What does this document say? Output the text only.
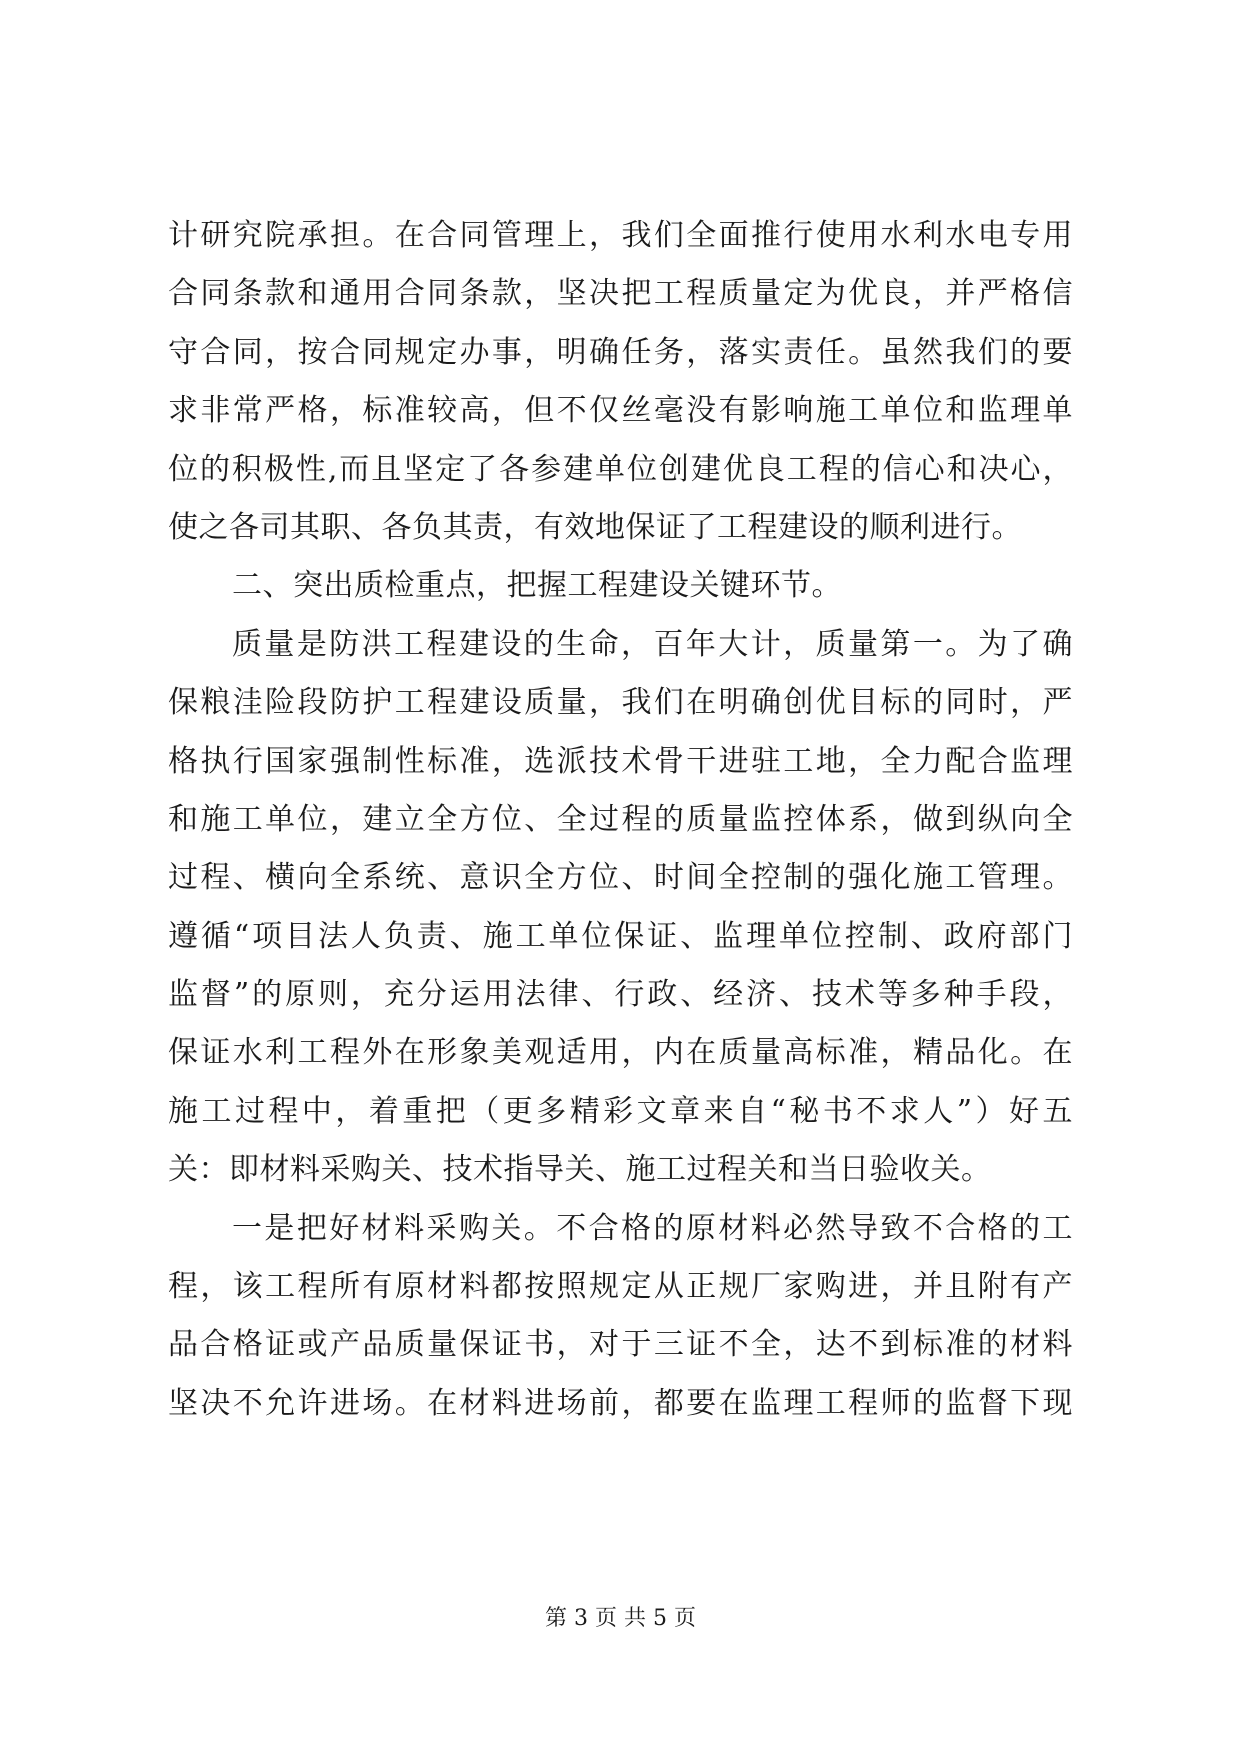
计研究院承担。在合同管理上，我们全面推行使用水利水电专用
合同条款和通用合同条款，坚决把工程质量定为优良，并严格信
守合同，按合同规定办事，明确任务，落实责任。虽然我们的要
求非常严格，标准较高，但不仅丝毫没有影响施工单位和监理单
位的积极性,而且坚定了各参建单位创建优良工程的信心和决心，
使之各司其职、各负其责，有效地保证了工程建设的顺利进行。
二、突出质检重点，把握工程建设关键环节。
质量是防洪工程建设的生命，百年大计，质量第一。为了确
保粮洼险段防护工程建设质量，我们在明确创优目标的同时，严
格执行国家强制性标准，选派技术骨干进驻工地，全力配合监理
和施工单位，建立全方位、全过程的质量监控体系，做到纵向全
过程、横向全系统、意识全方位、时间全控制的强化施工管理。
遵循“项目法人负责、施工单位保证、监理单位控制、政府部门
监督”的原则，充分运用法律、行政、经济、技术等多种手段，
保证水利工程外在形象美观适用，内在质量高标准，精品化。在
施工过程中，着重把（更多精彩文章来自“秘书不求人”）好五
关：即材料采购关、技术指导关、施工过程关和当日验收关。
一是把好材料采购关。不合格的原材料必然导致不合格的工
程，该工程所有原材料都按照规定从正规厂家购进，并且附有产
品合格证或产品质量保证书，对于三证不全，达不到标准的材料
坚决不允许进场。在材料进场前，都要在监理工程师的监督下现
第 3 页 共 5 页
